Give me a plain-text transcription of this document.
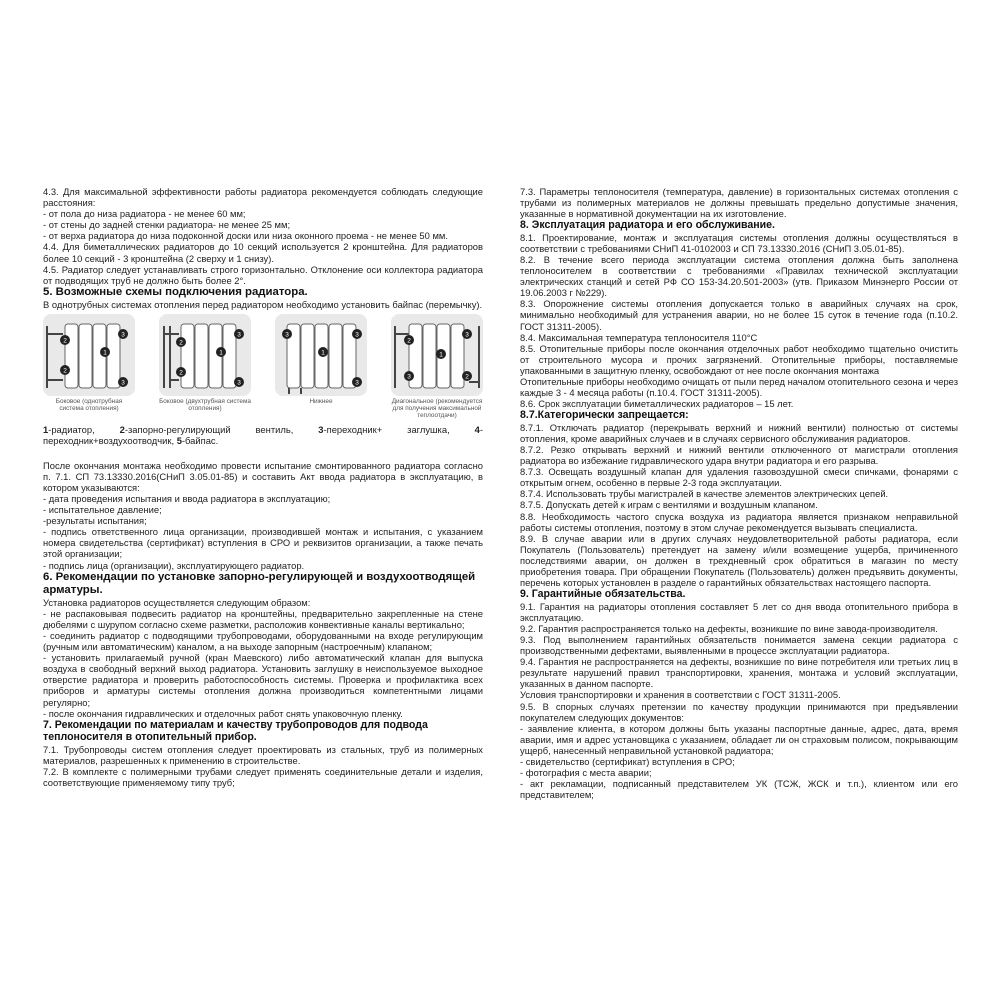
4.3. Для максимальной эффективности работы радиатора рекомендуется соблюдать следующие расстояния:

- от пола до низа радиатора - не менее 60 мм;

- от стены до задней стенки радиатора- не менее 25 мм;

- от верха радиатора до низа подоконной доски или низа оконного проема - не менее 50 мм.

4.4. Для биметаллических радиаторов до 10 секций используется 2 кронштейна. Для радиаторов более 10 секций - 3 кронштейна (2 сверху и 1 снизу).

4.5. Радиатор следует устанавливать строго горизонтально. Отклонение оси коллектора радиатора от подводящих труб не должно быть более 2°.

5. Возможные схемы подключения радиатора.

В однотрубных системах отопления перед радиатором необходимо установить байпас (перемычку).

2
2
3
3
1
Боковое (однотрубная система отопления)
2
2
3
3
1
Боковое (двухтрубная система отопления)
3	3
3
1
Нижнее
2
3
3
2
1
Диагональное (рекомендуется для получения максимальной теплоотдачи)

1-радиатор, 2-запорно-регулирующий вентиль, 3-переходник+ заглушка, 4-переходник+воздухоотводчик, 5-байпас.

После окончания монтажа необходимо провести испытание смонтированного радиатора согласно п. 7.1. СП 73.13330.2016(СНиП 3.05.01-85) и составить Акт ввода радиатора в эксплуатацию, в котором указываются:

- дата проведения испытания и ввода радиатора в эксплуатацию;

- испытательное давление;

-результаты испытания;

- подпись ответственного лица организации, производившей монтаж и испытания, с указанием номера свидетельства (сертификат) вступления в СРО и реквизитов организации, а также печать этой организации;

- подпись лица (организации), эксплуатирующего радиатор.

6. Рекомендации по установке запорно-регулирующей и воздухоотводящей арматуры.

Установка радиаторов осуществляется следующим образом:

- не распаковывая подвесить радиатор на кронштейны, предварительно закрепленные на стене дюбелями с шурупом согласно схеме разметки, расположив конвективные каналы вертикально;

- соединить радиатор с подводящими трубопроводами, оборудованными на входе регулирующим (ручным или автоматическим) каналом, а на выходе запорным (настроечным) клапаном;

- установить прилагаемый ручной (кран Маевского) либо автоматический клапан для выпуска воздуха в свободный верхний выход радиатора. Установить заглушку в неиспользуемое выходное отверстие радиатора и проверить работоспособность системы. Проверка и профилактика всех приборов и арматуры системы отопления должна производиться компетентными лицами регулярно;

- после окончания гидравлических и отделочных работ снять упаковочную пленку.

7. Рекомендации по материалам и качеству трубопроводов для подвода теплоносителя в отопительный прибор.

7.1. Трубопроводы систем отопления следует проектировать из стальных, труб из полимерных материалов, разрешенных к применению в строительстве.

7.2. В комплекте с полимерными трубами следует применять соединительные детали и изделия, соответствующие применяемому типу труб;

7.3. Параметры теплоносителя (температура, давление) в горизонтальных системах отопления с трубами из полимерных материалов не должны превышать предельно допустимые значения, указанные в нормативной документации на их изготовление.

8. Эксплуатация радиатора и его обслуживание.

8.1. Проектирование, монтаж и эксплуатация системы отопления должны осуществляться в соответствии с требованиями СНиП 41-0102003 и СП 73.13330.2016 (СНиП 3.05.01-85).

8.2. В течение всего периода эксплуатации система отопления должна быть заполнена теплоносителем в соответствии с требованиями «Правилах технической эксплуатации электрических станций и сетей РФ СО 153-34.20.501-2003» (утв. Приказом Минэнерго России от 19.06.2003 г №229).

8.3. Опорожнение системы отопления допускается только в аварийных случаях на срок, минимально необходимый для устранения аварии, но не более 15 суток в течение года (п.10.2. ГОСТ 31311-2005).

8.4. Максимальная температура теплоносителя 110°С

8.5. Отопительные приборы после окончания отделочных работ необходимо тщательно очистить от строительного мусора и прочих загрязнений. Отопительные приборы, поставляемые упакованными в защитную пленку, освобождают от нее после окончания монтажа

Отопительные приборы необходимо очищать от пыли перед началом отопительного сезона и через каждые 3 - 4 месяца работы (п.10.4. ГОСТ 31311-2005).

8.6. Срок эксплуатации биметаллических радиаторов – 15 лет.

8.7.Категорически запрещается:

8.7.1. Отключать радиатор (перекрывать верхний и нижний вентили) полностью от системы отопления, кроме аварийных случаев и в случаях сервисного обслуживания радиаторов.

8.7.2. Резко открывать верхний и нижний вентили отключенного от магистрали отопления радиатора во избежание гидравлического удара внутри радиатора и его разрыва.

8.7.3. Освещать воздушный клапан для удаления газовоздушной смеси спичками, фонарями с открытым огнем, особенно в первые 2-3 года эксплуатации.

8.7.4. Использовать трубы магистралей в качестве элементов электрических цепей.

8.7.5. Допускать детей к играм с вентилями и воздушным клапаном.

8.8. Необходимость частого спуска воздуха из радиатора является признаком неправильной работы системы отопления, поэтому в этом случае рекомендуется вызывать специалиста.

8.9. В случае аварии или в других случаях неудовлетворительной работы радиатора, если Покупатель (Пользователь) претендует на замену и/или возмещение ущерба, причиненного последствиями аварии, он должен в трехдневный срок обратиться в магазин по месту приобретения товара. При обращении Покупатель (Пользователь) должен предъявить документы, перечень которых установлен в разделе о гарантийных обязательствах настоящего паспорта.

9. Гарантийные обязательства.

9.1. Гарантия на радиаторы отопления составляет 5 лет со дня ввода отопительного прибора в эксплуатацию.

9.2. Гарантия распространяется только на дефекты, возникшие по вине завода-производителя.

9.3. Под выполнением гарантийных обязательств понимается замена секции радиатора с производственными дефектами, выявленными в процессе эксплуатации радиатора.

9.4. Гарантия не распространяется на дефекты, возникшие по вине потребителя или третьих лиц в результате нарушений правил транспортировки, хранения, монтажа и условий эксплуатации, указанных в данном паспорте.

Условия транспортировки и хранения в соответствии с ГОСТ 31311-2005.

9.5. В спорных случаях претензии по качеству продукции принимаются при предъявлении покупателем следующих документов:

- заявление клиента, в котором должны быть указаны паспортные данные, адрес, дата, время аварии, имя и адрес установщика с указанием, обладает ли он страховым полисом, покрывающим ущерб, нанесенный неправильной установкой радиатора;

- свидетельство (сертификат) вступления в СРО;

- фотография с места аварии;

- акт рекламации, подписанный представителем УК (ТСЖ, ЖСК и т.п.), клиентом или его представителем;
